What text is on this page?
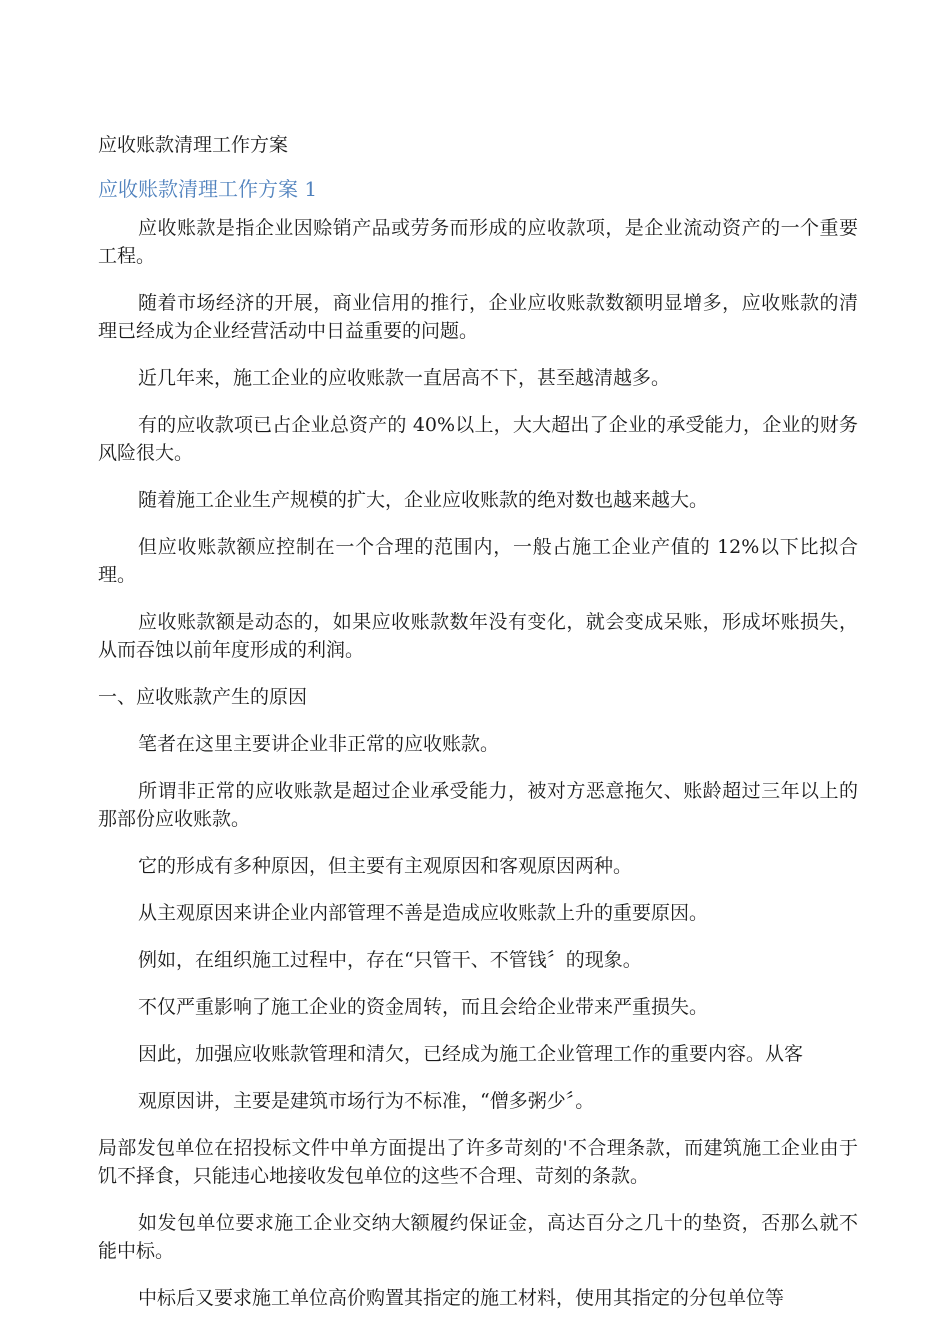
应收账款清理工作方案
应收账款清理工作方案 1

应收账款是指企业因赊销产品或劳务而形成的应收款项，是企业流动资产的一个重要工程。

随着市场经济的开展，商业信用的推行，企业应收账款数额明显增多，应收账款的清理已经成为企业经营活动中日益重要的问题。

近几年来，施工企业的应收账款一直居高不下，甚至越清越多。

有的应收款项已占企业总资产的 40%以上，大大超出了企业的承受能力，企业的财务风险很大。

随着施工企业生产规模的扩大，企业应收账款的绝对数也越来越大。

但应收账款额应控制在一个合理的范围内，一般占施工企业产值的 12%以下比拟合理。

应收账款额是动态的，如果应收账款数年没有变化，就会变成呆账，形成坏账损失，从而吞蚀以前年度形成的利润。

一、应收账款产生的原因

笔者在这里主要讲企业非正常的应收账款。

所谓非正常的应收账款是超过企业承受能力，被对方恶意拖欠、账龄超过三年以上的那部份应收账款。

它的形成有多种原因，但主要有主观原因和客观原因两种。

从主观原因来讲企业内部管理不善是造成应收账款上升的重要原因。

例如，在组织施工过程中，存在“只管干、不管钱〞的现象。

不仅严重影响了施工企业的资金周转，而且会给企业带来严重损失。

因此，加强应收账款管理和清欠，已经成为施工企业管理工作的重要内容。从客

观原因讲，主要是建筑市场行为不标准，“僧多粥少〞。

局部发包单位在招投标文件中单方面提出了许多苛刻的'不合理条款，而建筑施工企业由于饥不择食，只能违心地接收发包单位的这些不合理、苛刻的条款。

如发包单位要求施工企业交纳大额履约保证金，高达百分之几十的垫资，否那么就不能中标。

中标后又要求施工单位高价购置其指定的施工材料，使用其指定的分包单位等
